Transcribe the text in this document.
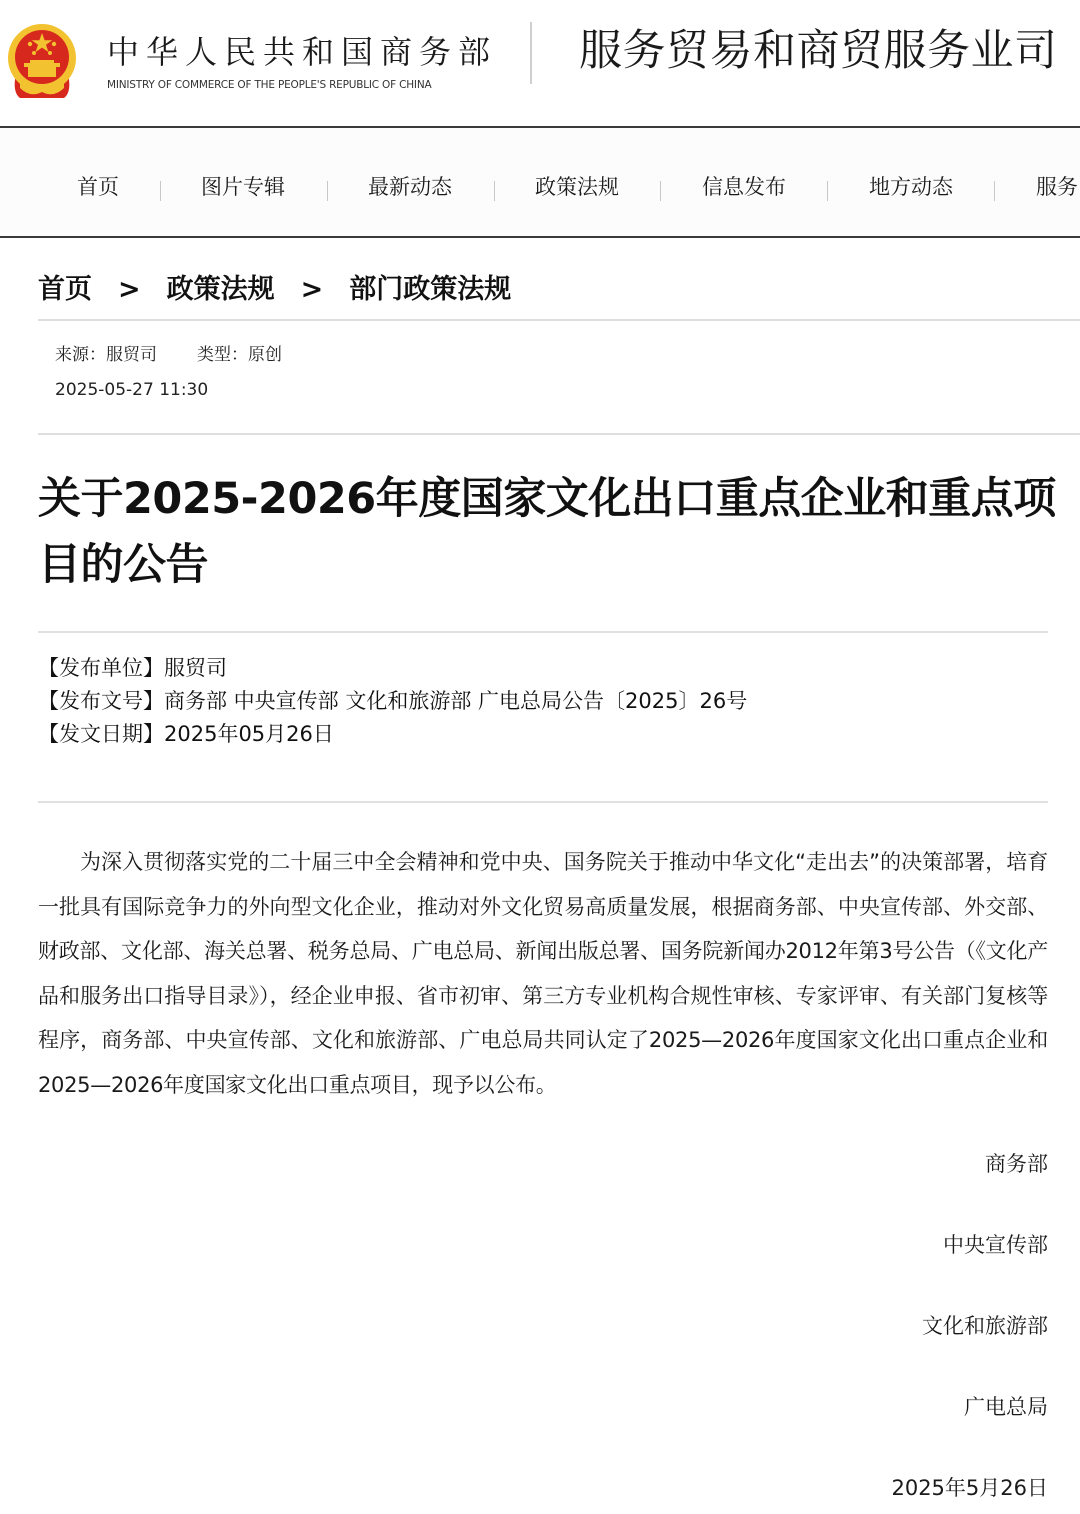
中华人民共和国商务部
MINISTRY OF COMMERCE OF THE PEOPLE'S REPUBLIC OF CHINA
服务贸易和商贸服务业司
首页	图片专辑	最新动态	政策法规	信息发布	地方动态	服务
首页 > 政策法规 > 部门政策法规
来源：服贸司 类型：原创
2025-05-27 11:30
关于2025-2026年度国家文化出口重点企业和重点项目的公告
【发布单位】服贸司
【发布文号】商务部 中央宣传部 文化和旅游部 广电总局公告〔2025〕26号
【发文日期】2025年05月26日
为深入贯彻落实党的二十届三中全会精神和党中央、国务院关于推动中华文化“走出去”的决策部署，培育一批具有国际竞争力的外向型文化企业，推动对外文化贸易高质量发展，根据商务部、中央宣传部、外交部、财政部、文化部、海关总署、税务总局、广电总局、新闻出版总署、国务院新闻办2012年第3号公告（《文化产品和服务出口指导目录》），经企业申报、省市初审、第三方专业机构合规性审核、专家评审、有关部门复核等程序，商务部、中央宣传部、文化和旅游部、广电总局共同认定了2025—2026年度国家文化出口重点企业和2025—2026年度国家文化出口重点项目，现予以公布。
商务部
中央宣传部
文化和旅游部
广电总局
2025年5月26日
